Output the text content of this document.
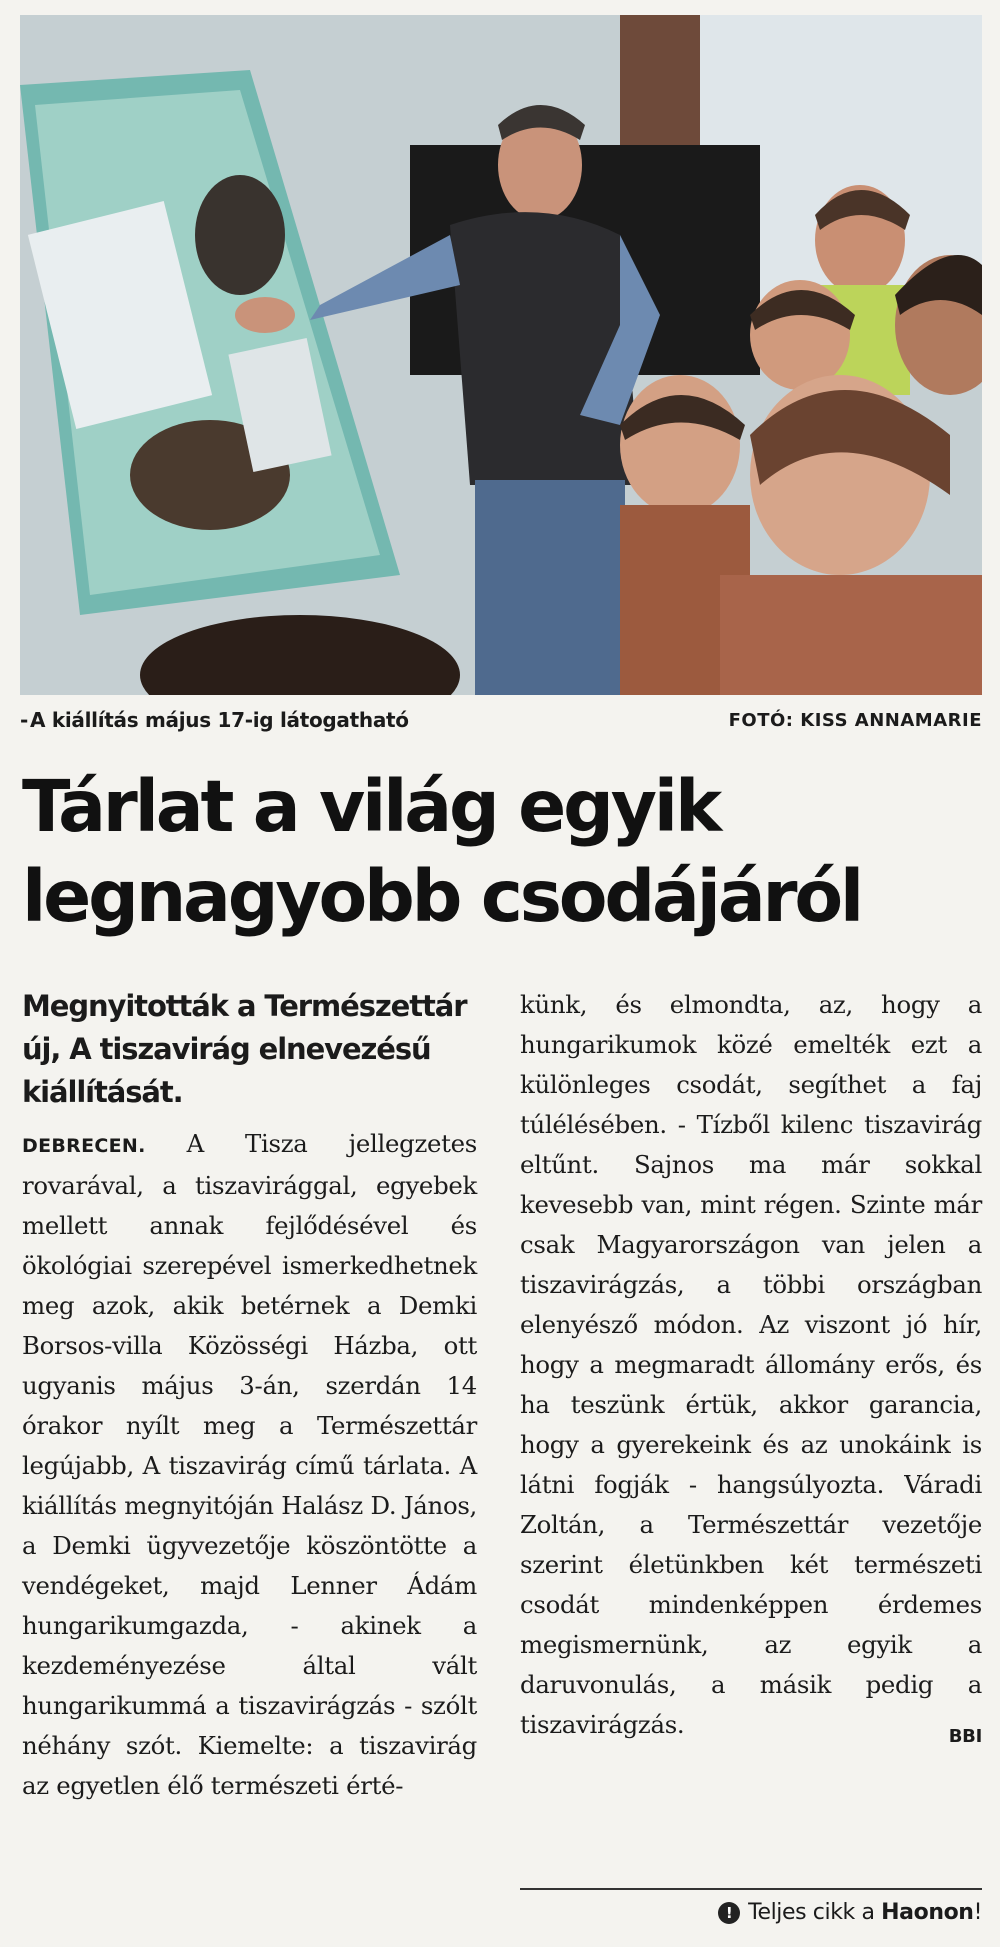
- A kiállítás május 17-ig látogatható	FOTÓ: KISS ANNAMARIE
Tárlat a világ egyik legnagyobb csodájáról

Megnyitották a Természettár új, A tiszavirág elnevezésű kiállítását.

DEBRECEN. A Tisza jellegzetes rovarával, a tiszavirággal, egyebek mellett annak fejlődésével és ökológiai szerepével ismerkedhetnek meg azok, akik betérnek a Demki Borsos-villa Közösségi Házba, ott ugyanis május 3-án, szerdán 14 órakor nyílt meg a Természettár legújabb, A tiszavirág című tárlata. A kiállítás megnyitóján Halász D. János, a Demki ügyvezetője köszöntötte a vendégeket, majd Lenner Ádám hungarikumgazda, - akinek a kezdeményezése által vált hungarikummá a tiszavirágzás - szólt néhány szót. Kiemelte: a tiszavirág az egyetlen élő természeti érté-

künk, és elmondta, az, hogy a hungarikumok közé emelték ezt a különleges csodát, segíthet a faj túlélésében. - Tízből kilenc tiszavirág eltűnt. Sajnos ma már sokkal kevesebb van, mint régen. Szinte már csak Magyarországon van jelen a tiszavirágzás, a többi országban elenyésző módon. Az viszont jó hír, hogy a megmaradt állomány erős, és ha teszünk értük, akkor garancia, hogy a gyerekeink és az unokáink is látni fogják - hangsúlyozta. Váradi Zoltán, a Természettár vezetője szerint életünkben két természeti csodát mindenképpen érdemes megismernünk, az egyik a daruvonulás, a másik pedig a tiszavirágzás.	BBI

! Teljes cikk a Haonon!
